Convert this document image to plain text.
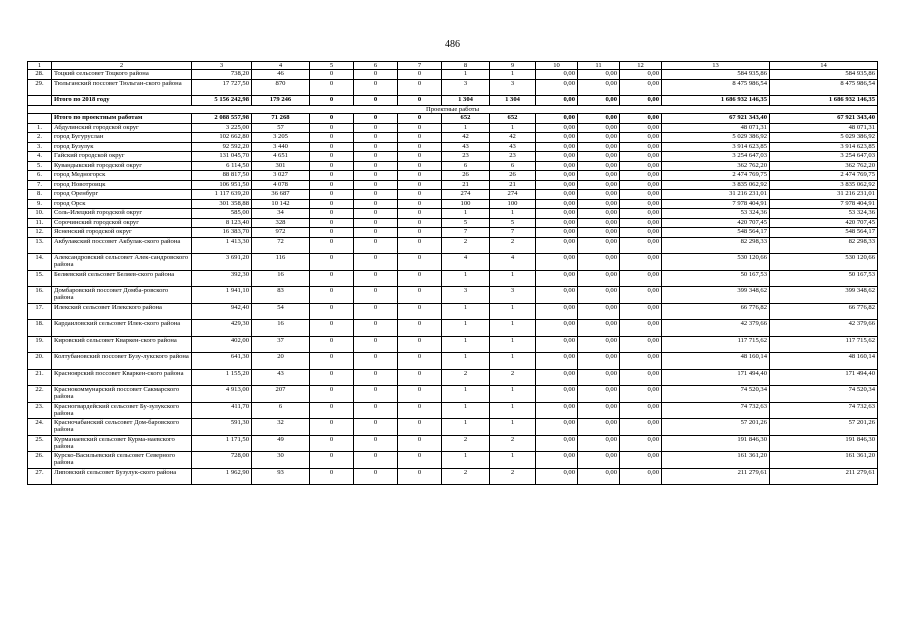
486
1	2	3	4	5	6	7	8	9	10	11	12	13	14
28.	Тоцкий сельсовет Тоцкого района	738,20	46	0	0	0	1	1	0,00	0,00	0,00	584 935,86	584 935,86
29.	Тюльганский поссовет Тюльган-ского района	17 727,50	870	0	0	0	3	3	0,00	0,00	0,00	8 475 986,54	8 475 986,54
	Итого по 2018 году	5 156 242,98	179 246	0	0	0	1 304	1 304	0,00	0,00	0,00	1 686 932 146,35	1 686 932 146,35
Проектные работы													
	Итого по проектным работам	2 088 557,98	71 268	0	0	0	652	652	0,00	0,00	0,00	67 921 343,40	67 921 343,40
1.	Абдулинский городской округ	3 225,00	57	0	0	0	1	1	0,00	0,00	0,00	48 071,31	48 071,31
2.	город Бугуруслан	102 662,80	3 205	0	0	0	42	42	0,00	0,00	0,00	5 029 386,92	5 029 386,92
3.	город Бузулук	92 592,20	3 440	0	0	0	43	43	0,00	0,00	0,00	3 914 623,85	3 914 623,85
4.	Гайский городской округ	131 045,70	4 651	0	0	0	23	23	0,00	0,00	0,00	3 254 647,03	3 254 647,03
5.	Кувандыкский городской округ	6 114,50	301	0	0	0	6	6	0,00	0,00	0,00	362 762,20	362 762,20
6.	город Медногорск	88 817,50	3 027	0	0	0	26	26	0,00	0,00	0,00	2 474 769,75	2 474 769,75
7.	город Новотроицк	106 951,50	4 078	0	0	0	21	21	0,00	0,00	0,00	3 835 062,92	3 835 062,92
8.	город Оренбург	1 117 639,20	36 687	0	0	0	274	274	0,00	0,00	0,00	31 216 231,01	31 216 231,01
9.	город Орск	301 358,88	10 142	0	0	0	100	100	0,00	0,00	0,00	7 978 404,91	7 978 404,91
10.	Соль-Илецкий городской округ	585,00	34	0	0	0	1	1	0,00	0,00	0,00	53 324,36	53 324,36
11.	Сорочинский городской округ	8 123,40	328	0	0	0	5	5	0,00	0,00	0,00	420 707,45	420 707,45
12.	Ясненский городской округ	16 383,70	972	0	0	0	7	7	0,00	0,00	0,00	548 564,17	548 564,17
13.	Акбулакский поссовет Акбулак-ского района	1 413,30	72	0	0	0	2	2	0,00	0,00	0,00	82 298,33	82 298,33
14.	Александровский сельсовет Алек-сандровского района	3 691,20	116	0	0	0	4	4	0,00	0,00	0,00	530 120,66	530 120,66
15.	Беляевский сельсовет Беляев-ского района	392,30	16	0	0	0	1	1	0,00	0,00	0,00	50 167,53	50 167,53
16.	Домбаровский поссовет Домба-ровского района	1 941,10	83	0	0	0	3	3	0,00	0,00	0,00	399 348,62	399 348,62
17.	Илекский сельсовет Илекского района	942,40	54	0	0	0	1	1	0,00	0,00	0,00	66 776,82	66 776,82
18.	Кардаиловский сельсовет Илек-ского района	429,30	16	0	0	0	1	1	0,00	0,00	0,00	42 379,66	42 379,66
19.	Кировский сельсовет Кваркен-ского района	402,00	37	0	0	0	1	1	0,00	0,00	0,00	117 715,62	117 715,62
20.	Колтубановский поссовет Бузу-лукского района	641,30	20	0	0	0	1	1	0,00	0,00	0,00	48 160,14	48 160,14
21.	Красноярский поссовет Кваркен-ского района	1 155,20	43	0	0	0	2	2	0,00	0,00	0,00	171 494,40	171 494,40
22.	Краснокоммунарский поссовет Сакмарского района	4 913,00	207	0	0	0	1	1	0,00	0,00	0,00	74 520,34	74 520,34
23.	Красногвардейский сельсовет Бу-зулукского района	411,70	6	0	0	0	1	1	0,00	0,00	0,00	74 732,63	74 732,63
24.	Красночабанский сельсовет Дом-баровского района	591,30	32	0	0	0	1	1	0,00	0,00	0,00	57 201,26	57 201,26
25.	Курманаевский сельсовет Курма-наевского района	1 171,50	49	0	0	0	2	2	0,00	0,00	0,00	191 846,30	191 846,30
26.	Курско-Васильевский сельсовет Северного района	728,00	30	0	0	0	1	1	0,00	0,00	0,00	161 361,20	161 361,20
27.	Липовский сельсовет Бузулук-ского района	1 962,90	93	0	0	0	2	2	0,00	0,00	0,00	211 279,61	211 279,61
